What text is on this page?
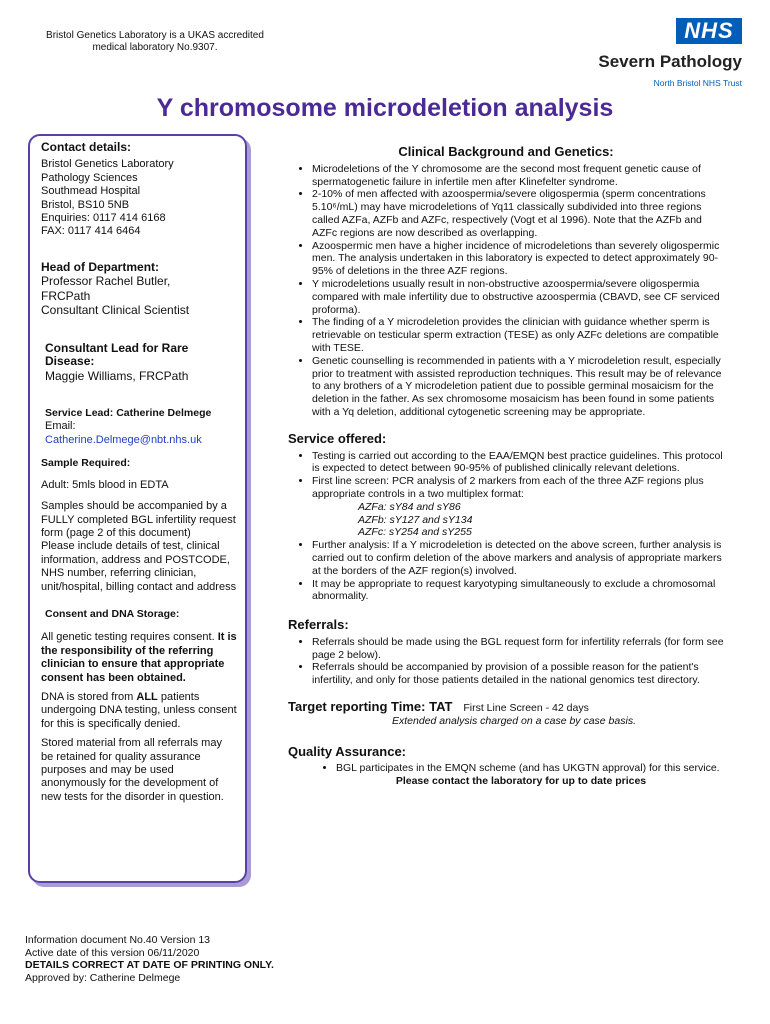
Bristol Genetics Laboratory is a UKAS accredited
medical laboratory No.9307.
NHS
Severn Pathology
North Bristol NHS Trust
Y chromosome microdeletion analysis
Contact details:

Bristol Genetics Laboratory

Pathology Sciences

Southmead Hospital

Bristol, BS10 5NB

Enquiries: 0117 414 6168

FAX: 0117 414 6464

Head of Department:

Professor Rachel Butler,

FRCPath

Consultant Clinical Scientist

Consultant Lead for Rare Disease:

Maggie Williams, FRCPath

Service Lead: Catherine Delmege

Email:

Catherine.Delmege@nbt.nhs.uk

Sample Required:

Adult: 5mls blood in EDTA

Samples should be accompanied by a FULLY completed BGL infertility request form (page 2 of this document)

Please include details of test, clinical information, address and POSTCODE, NHS number, referring clinician, unit/hospital, billing contact and address

Consent and DNA Storage:

All genetic testing requires consent. It is the responsibility of the referring clinician to ensure that appropriate consent has been obtained.

DNA is stored from ALL patients undergoing DNA testing, unless consent for this is specifically denied.

Stored material from all referrals may be retained for quality assurance purposes and may be used anonymously for the development of new tests for the disorder in question.

Clinical Background and Genetics:
• Microdeletions of the Y chromosome are the second most frequent genetic cause of spermatogenetic failure in infertile men after Klinefelter syndrome.
• 2-10% of men affected with azoospermia/severe oligospermia (sperm concentrations 5.10⁶/mL) may have microdeletions of Yq11 classically subdivided into three regions called AZFa, AZFb and AZFc, respectively (Vogt et al 1996). Note that the AZFb and AZFc regions are now described as overlapping.
• Azoospermic men have a higher incidence of microdeletions than severely oligospermic men. The analysis undertaken in this laboratory is expected to detect approximately 90-95% of deletions in the three AZF regions.
• Y microdeletions usually result in non-obstructive azoospermia/severe oligospermia compared with male infertility due to obstructive azoospermia (CBAVD, see CF serviced proforma).
• The finding of a Y microdeletion provides the clinician with guidance whether sperm is retrievable on testicular sperm extraction (TESE) as only AZFc deletions are compatible with TESE.
• Genetic counselling is recommended in patients with a Y microdeletion result, especially prior to treatment with assisted reproduction techniques. This result may be of relevance to any brothers of a Y microdeletion patient due to possible germinal mosaicism for the deletion in the father. As sex chromosome mosaicism has been found in some patients with a Yq deletion, additional cytogenetic screening may be appropriate.
Service offered:
• Testing is carried out according to the EAA/EMQN best practice guidelines. This protocol is expected to detect between 90-95% of published clinically relevant deletions.
• First line screen: PCR analysis of 2 markers from each of the three AZF regions plus appropriate controls in a two multiplex format:
AZFa: sY84 and sY86
AZFb: sY127 and sY134
AZFc: sY254 and sY255
• Further analysis: If a Y microdeletion is detected on the above screen, further analysis is carried out to confirm deletion of the above markers and analysis of appropriate markers at the borders of the AZF region(s) involved.
• It may be appropriate to request karyotyping simultaneously to exclude a chromosomal abnormality.
Referrals:
• Referrals should be made using the BGL request form for infertility referrals (for form see page 2 below).
• Referrals should be accompanied by provision of a possible reason for the patient's infertility, and only for those patients detailed in the national genomics test directory.
Target reporting Time: TAT First Line Screen - 42 days
Extended analysis charged on a case by case basis.
Quality Assurance:
• BGL participates in the EMQN scheme (and has UKGTN approval) for this service.
Please contact the laboratory for up to date prices
Information document No.40 Version 13
Active date of this version 06/11/2020
DETAILS CORRECT AT DATE OF PRINTING ONLY.
Approved by: Catherine Delmege
